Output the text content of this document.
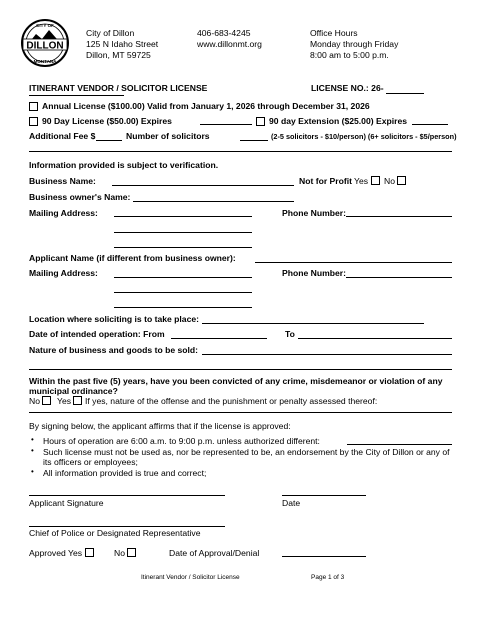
DILLON
CITY OF
MONTANA
City of Dillon
125 N Idaho Street
Dillon, MT 59725
406-683-4245
www.dillonmt.org
Office Hours
Monday through Friday
8:00 am to 5:00 p.m.
ITINERANT VENDOR / SOLICITOR LICENSE	LICENSE NO.: 26-
Annual License ($100.00) Valid from January 1, 2026 through December 31, 2026
90 Day License ($50.00) Expires	90 day Extension ($25.00) Expires
Additional Fee $	Number of solicitors	(2-5 solicitors - $10/person) (6+ solicitors - $5/person)
Information provided is subject to verification.
Business Name:	Not for Profit Yes No
Business owner's Name:
Mailing Address:	Phone Number:
Applicant Name (if different from business owner):
Mailing Address:	Phone Number:
Location where soliciting is to take place:
Date of intended operation: From	To
Nature of business and goods to be sold:
Within the past five (5) years, have you been convicted of any crime, misdemeanor or violation of any
municipal ordinance?
No Yes If yes, nature of the offense and the punishment or penalty assessed thereof:
By signing below, the applicant affirms that if the license is approved:
• Hours of operation are 6:00 a.m. to 9:00 p.m. unless authorized different:
• Such license must not be used as, nor be represented to be, an endorsement by the City of Dillon or any of
its officers or employees;
• All information provided is true and correct;
Applicant Signature	Date
Chief of Police or Designated Representative
Approved Yes	No	Date of Approval/Denial
Itinerant Vendor / Solicitor License	Page 1 of 3
